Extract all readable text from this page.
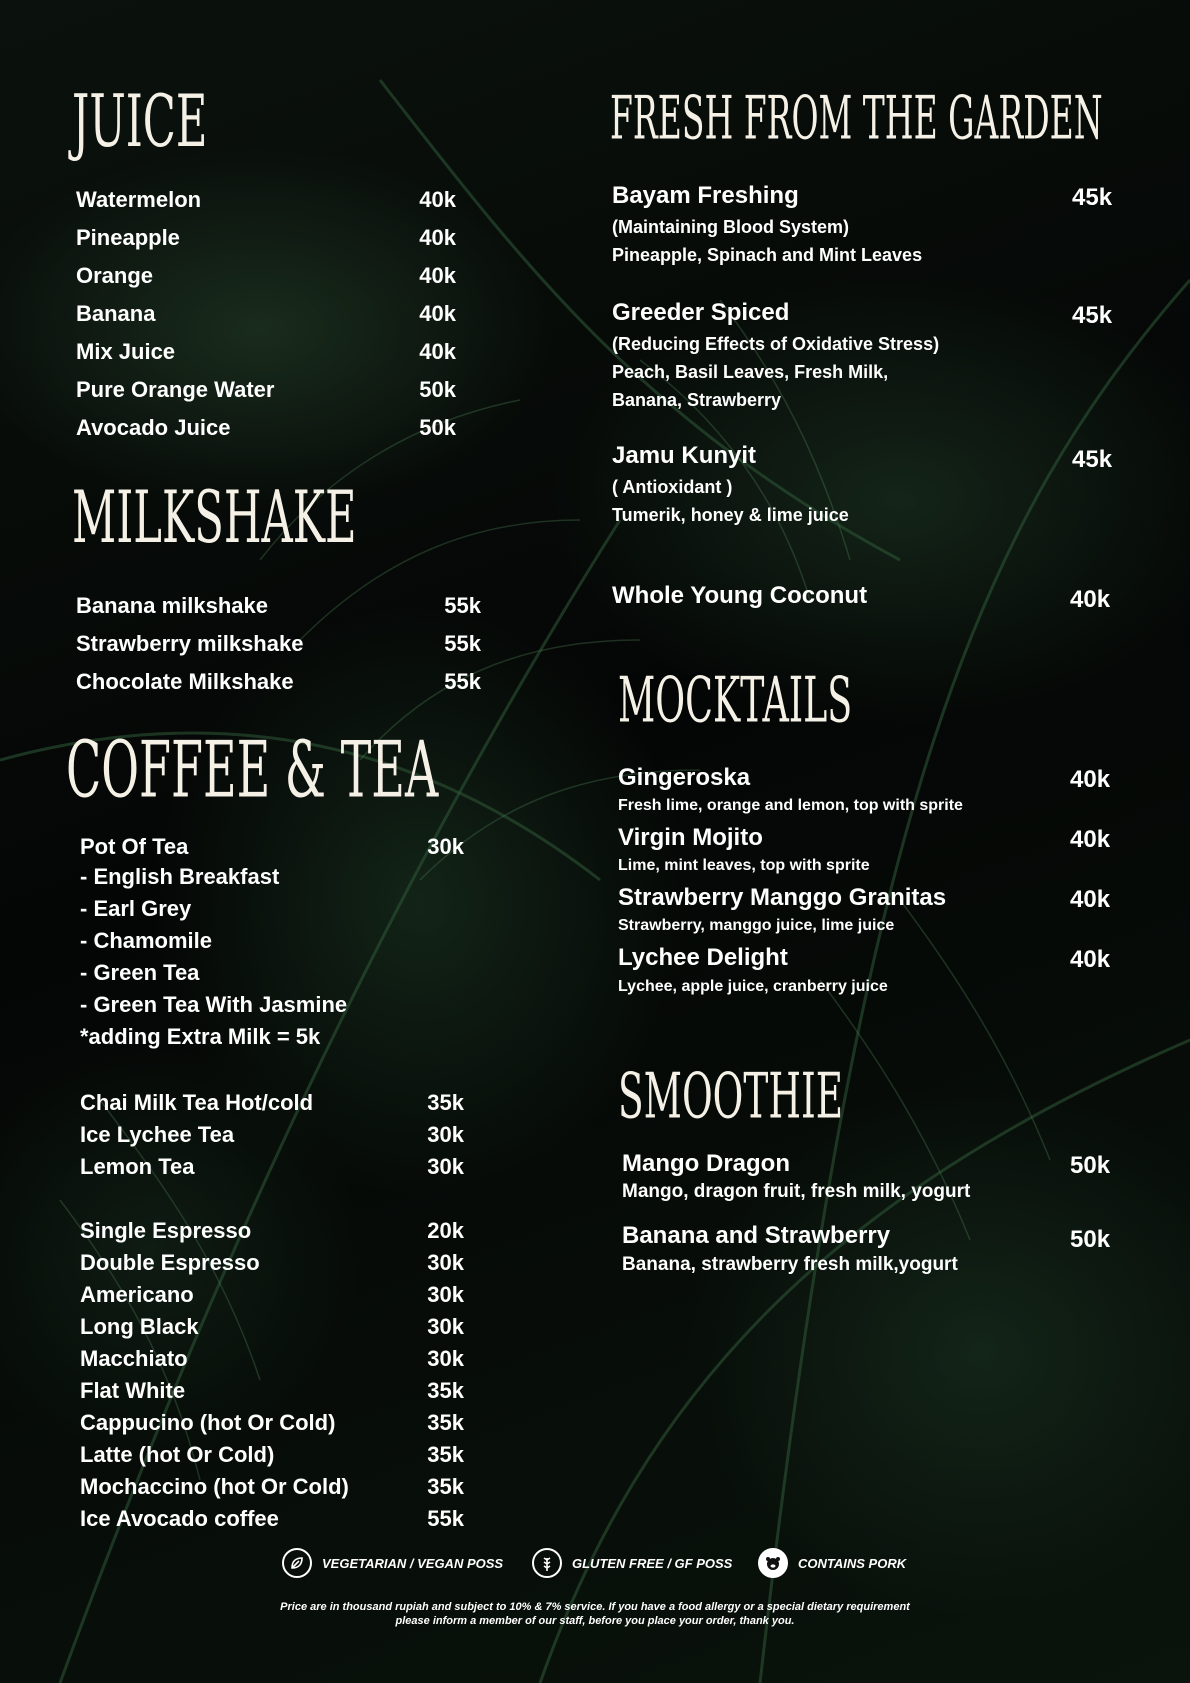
JUICE
Watermelon	40k
Pineapple	40k
Orange	40k
Banana	40k
Mix Juice	40k
Pure Orange Water	50k
Avocado Juice	50k
MILKSHAKE
Banana milkshake	55k
Strawberry milkshake	55k
Chocolate Milkshake	55k
COFFEE & TEA
Pot Of Tea	30k
- English Breakfast
- Earl Grey
- Chamomile
- Green Tea
- Green Tea With Jasmine
*adding Extra Milk = 5k
Chai Milk Tea Hot/cold	35k
Ice Lychee Tea	30k
Lemon Tea	30k
Single Espresso	20k
Double Espresso	30k
Americano	30k
Long Black	30k
Macchiato	30k
Flat White	35k
Cappucino (hot Or Cold)	35k
Latte (hot Or Cold)	35k
Mochaccino (hot Or Cold)	35k
Ice Avocado coffee	55k
FRESH FROM THE GARDEN
Bayam Freshing	45k
(Maintaining Blood System)
Pineapple, Spinach and Mint Leaves
Greeder Spiced	45k
(Reducing Effects of Oxidative Stress)
Peach, Basil Leaves, Fresh Milk,
Banana, Strawberry
Jamu Kunyit	45k
( Antioxidant )
Tumerik, honey & lime juice
Whole Young Coconut	40k
MOCKTAILS
Gingeroska	40k
Fresh lime, orange and lemon, top with sprite
Virgin Mojito	40k
Lime, mint leaves, top with sprite
Strawberry Manggo Granitas	40k
Strawberry, manggo juice, lime juice
Lychee Delight	40k
Lychee, apple juice, cranberry juice
SMOOTHIE
Mango Dragon	50k
Mango, dragon fruit, fresh milk, yogurt
Banana and Strawberry	50k
Banana, strawberry fresh milk,yogurt
VEGETARIAN / VEGAN POSS	GLUTEN FREE / GF POSS	CONTAINS PORK
Price are in thousand rupiah and subject to 10% & 7% service. If you have a food allergy or a special dietary requirement
please inform a member of our staff, before you place your order, thank you.
